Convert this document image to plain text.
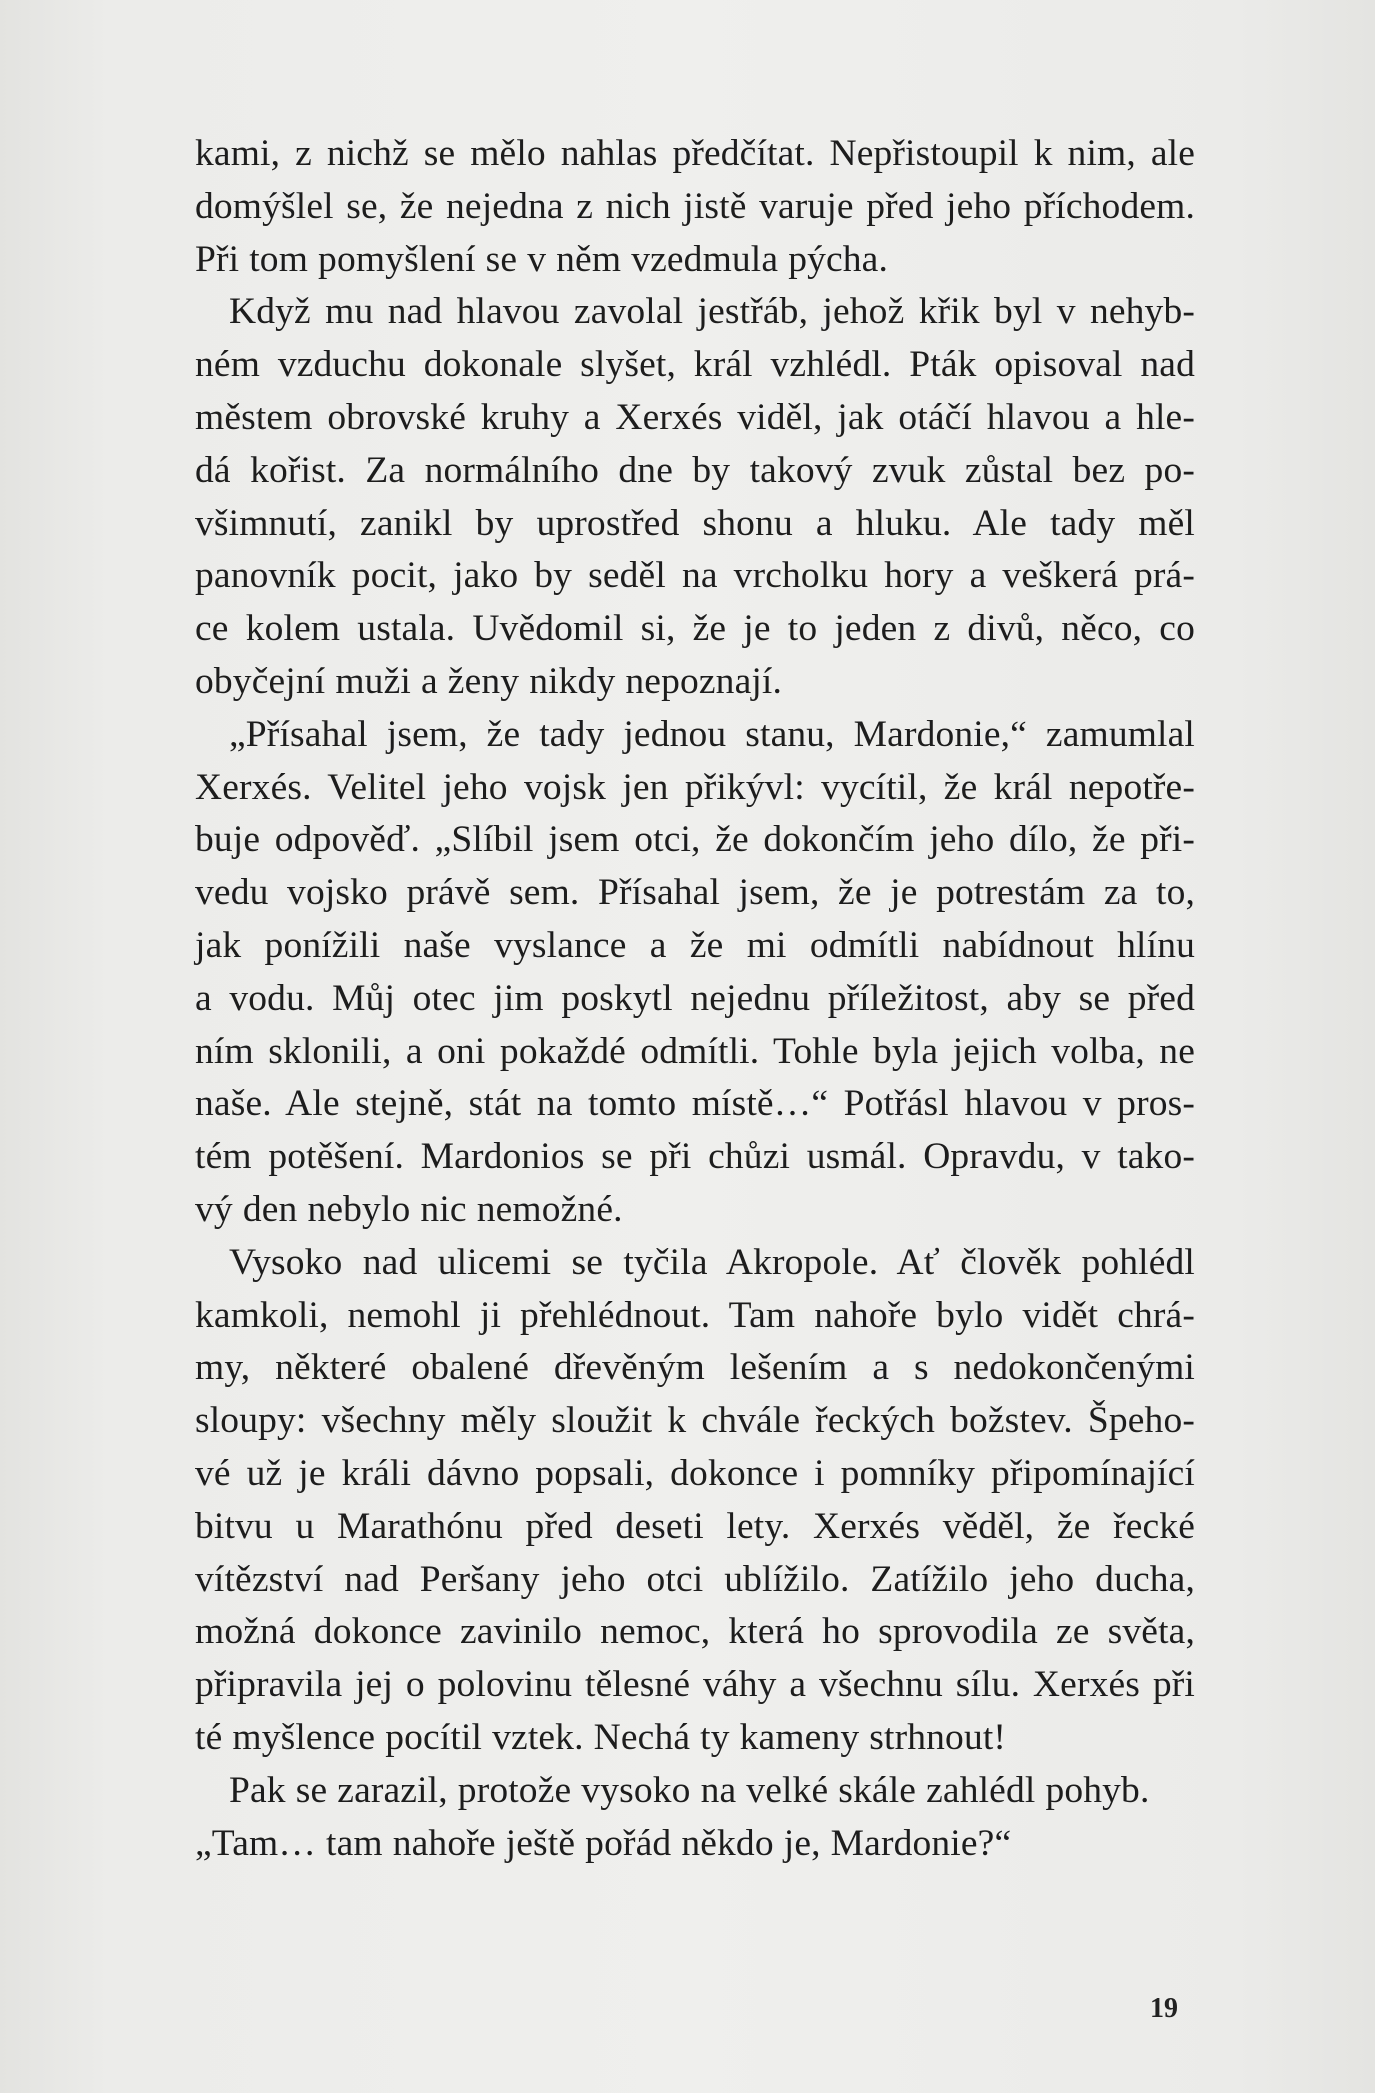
kami, z nichž se mělo nahlas předčítat. Nepřistoupil k nim, ale
domýšlel se, že nejedna z nich jistě varuje před jeho příchodem.
Při tom pomyšlení se v něm vzedmula pýcha.
Když mu nad hlavou zavolal jestřáb, jehož křik byl v nehyb-
ném vzduchu dokonale slyšet, král vzhlédl. Pták opisoval nad
městem obrovské kruhy a Xerxés viděl, jak otáčí hlavou a hle-
dá kořist. Za normálního dne by takový zvuk zůstal bez po-
všimnutí, zanikl by uprostřed shonu a hluku. Ale tady měl
panovník pocit, jako by seděl na vrcholku hory a veškerá prá-
ce kolem ustala. Uvědomil si, že je to jeden z divů, něco, co
obyčejní muži a ženy nikdy nepoznají.
„Přísahal jsem, že tady jednou stanu, Mardonie,“ zamumlal
Xerxés. Velitel jeho vojsk jen přikývl: vycítil, že král nepotře-
buje odpověď. „Slíbil jsem otci, že dokončím jeho dílo, že při-
vedu vojsko právě sem. Přísahal jsem, že je potrestám za to,
jak ponížili naše vyslance a že mi odmítli nabídnout hlínu
a vodu. Můj otec jim poskytl nejednu příležitost, aby se před
ním sklonili, a oni pokaždé odmítli. Tohle byla jejich volba, ne
naše. Ale stejně, stát na tomto místě…“ Potřásl hlavou v pros-
tém potěšení. Mardonios se při chůzi usmál. Opravdu, v tako-
vý den nebylo nic nemožné.
Vysoko nad ulicemi se tyčila Akropole. Ať člověk pohlédl
kamkoli, nemohl ji přehlédnout. Tam nahoře bylo vidět chrá-
my, některé obalené dřevěným lešením a s nedokončenými
sloupy: všechny měly sloužit k chvále řeckých božstev. Špeho-
vé už je králi dávno popsali, dokonce i pomníky připomínající
bitvu u Marathónu před deseti lety. Xerxés věděl, že řecké
vítězství nad Peršany jeho otci ublížilo. Zatížilo jeho ducha,
možná dokonce zavinilo nemoc, která ho sprovodila ze světa,
připravila jej o polovinu tělesné váhy a všechnu sílu. Xerxés při
té myšlence pocítil vztek. Nechá ty kameny strhnout!
Pak se zarazil, protože vysoko na velké skále zahlédl pohyb.
„Tam… tam nahoře ještě pořád někdo je, Mardonie?“
19
